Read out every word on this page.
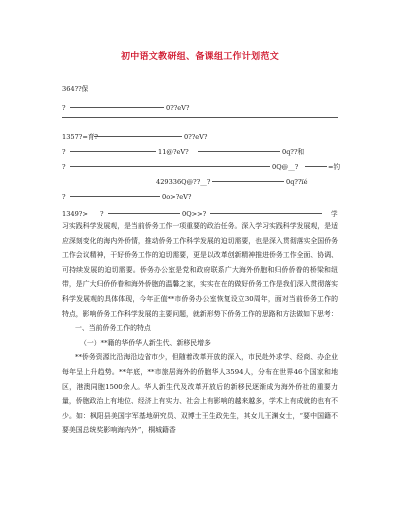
初中语文教研组、备课组工作计划范文
364??保
?	0??eV?
1357?=育?	0??eV?
?	11@?eV?	0q??和
?	0Q@__?	=钓
429336Q@??__?	0q??ïé
?	0o>?eV?
1349?> ?	0Q>>?	学

习实践科学发展观，是当前侨务工作一项重要的政治任务。深入学习实践科学发展观，是适应深刻变化的海内外侨情，推动侨务工作科学发展的迫切需要，也是深入贯彻落实全国侨务工作会议精神，干好侨务工作的迫切需要，更是以改革创新精神推进侨务工作全面、协调、可持续发展的迫切需要。侨务办公室是党和政府联系广大海外侨胞和归侨侨眷的桥梁和纽带，是广大归侨侨眷和海外侨胞的温馨之家，实实在在的做好侨务工作是我们深入贯彻落实科学发展观的具体体现，今年正值**市侨务办公室恢复设立30周年，面对当前侨务工作的特点，影响侨务工作科学发展的主要问题，就新形势下侨务工作的思路和方法做如下思考：

一、当前侨务工作的特点

（一）**籍的华侨华人新生代、新移民增多

**侨务资源比沿海沿边省市少，但随着改革开放的深入，市民赴外求学、经商、办企业每年呈上升趋势。**年底，**市旅居海外的侨胞华人3594人，分布在世界46个国家和地区，港澳同胞1500余人。华人新生代及改革开放后的新移民逐渐成为海外侨社的重要力量，侨胞政治上有地位、经济上有实力、社会上有影响的越来越多，学术上有成就的也有不少。如：枫阳县美国宇军基地研究员、双博士王生政先生，其女儿王渊女士，“要中国籍不要美国总统奖影响海内外”，桐城籍香
